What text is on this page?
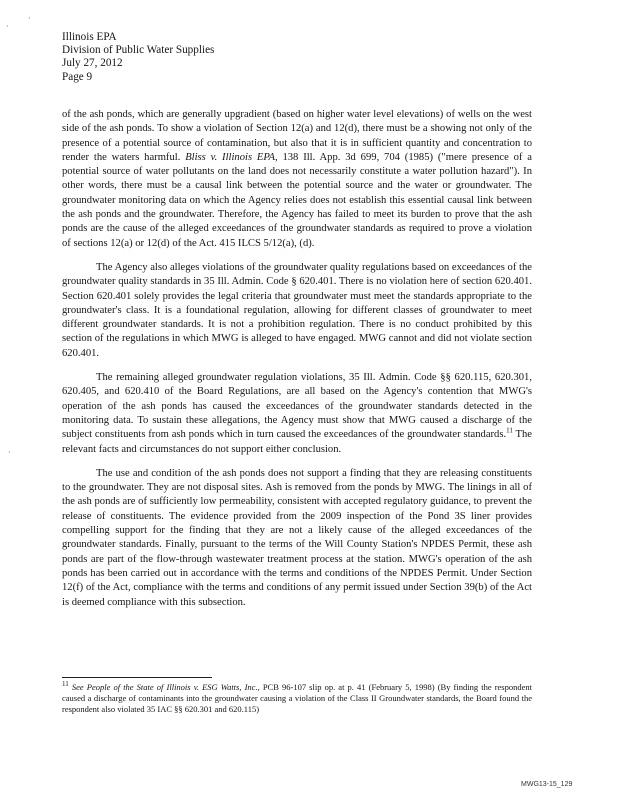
·
·
·
Illinois EPA
Division of Public Water Supplies
July 27, 2012
Page 9

of the ash ponds, which are generally upgradient (based on higher water level elevations) of wells on the west side of the ash ponds. To show a violation of Section 12(a) and 12(d), there must be a showing not only of the presence of a potential source of contamination, but also that it is in sufficient quantity and concentration to render the waters harmful. Bliss v. Illinois EPA, 138 Ill. App. 3d 699, 704 (1985) ("mere presence of a potential source of water pollutants on the land does not necessarily constitute a water pollution hazard"). In other words, there must be a causal link between the potential source and the water or groundwater. The groundwater monitoring data on which the Agency relies does not establish this essential causal link between the ash ponds and the groundwater. Therefore, the Agency has failed to meet its burden to prove that the ash ponds are the cause of the alleged exceedances of the groundwater standards as required to prove a violation of sections 12(a) or 12(d) of the Act. 415 ILCS 5/12(a), (d).

The Agency also alleges violations of the groundwater quality regulations based on exceedances of the groundwater quality standards in 35 Ill. Admin. Code § 620.401. There is no violation here of section 620.401. Section 620.401 solely provides the legal criteria that groundwater must meet the standards appropriate to the groundwater's class. It is a foundational regulation, allowing for different classes of groundwater to meet different groundwater standards. It is not a prohibition regulation. There is no conduct prohibited by this section of the regulations in which MWG is alleged to have engaged. MWG cannot and did not violate section 620.401.

The remaining alleged groundwater regulation violations, 35 Ill. Admin. Code §§ 620.115, 620.301, 620.405, and 620.410 of the Board Regulations, are all based on the Agency's contention that MWG's operation of the ash ponds has caused the exceedances of the groundwater standards detected in the monitoring data. To sustain these allegations, the Agency must show that MWG caused a discharge of the subject constituents from ash ponds which in turn caused the exceedances of the groundwater standards.$^{11}$ The relevant facts and circumstances do not support either conclusion.

The use and condition of the ash ponds does not support a finding that they are releasing constituents to the groundwater. They are not disposal sites. Ash is removed from the ponds by MWG. The linings in all of the ash ponds are of sufficiently low permeability, consistent with accepted regulatory guidance, to prevent the release of constituents. The evidence provided from the 2009 inspection of the Pond 3S liner provides compelling support for the finding that they are not a likely cause of the alleged exceedances of the groundwater standards. Finally, pursuant to the terms of the Will County Station's NPDES Permit, these ash ponds are part of the flow-through wastewater treatment process at the station. MWG's operation of the ash ponds has been carried out in accordance with the terms and conditions of the NPDES Permit. Under Section 12(f) of the Act, compliance with the terms and conditions of any permit issued under Section 39(b) of the Act is deemed compliance with this subsection.

$^{11}$ See People of the State of Illinois v. ESG Watts, Inc., PCB 96-107 slip op. at p. 41 (February 5, 1998) (By finding the respondent caused a discharge of contaminants into the groundwater causing a violation of the Class II Groundwater standards, the Board found the respondent also violated 35 IAC §§ 620.301 and 620.115)
MWG13-15_129
